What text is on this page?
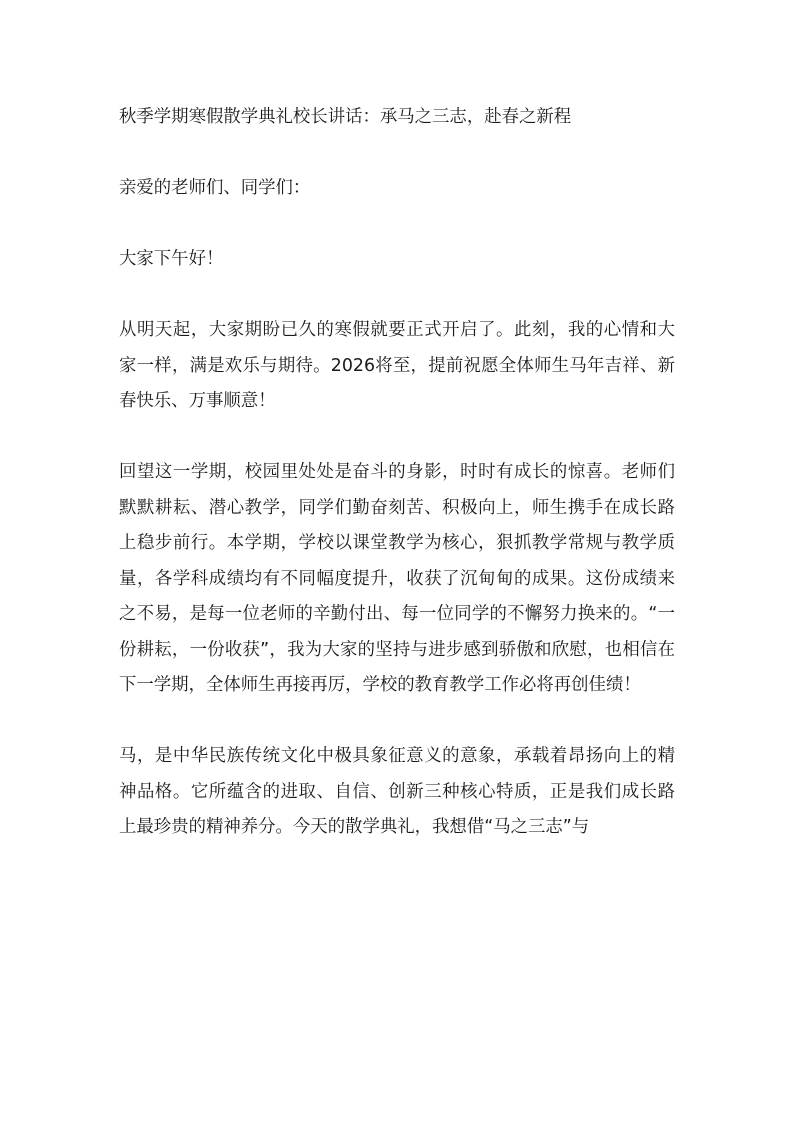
秋季学期寒假散学典礼校长讲话：承马之三志，赴春之新程

亲爱的老师们、同学们：

大家下午好！

从明天起，大家期盼已久的寒假就要正式开启了。此刻，我的心情和大家一样，满是欢乐与期待。2026将至，提前祝愿全体师生马年吉祥、新春快乐、万事顺意！

回望这一学期，校园里处处是奋斗的身影，时时有成长的惊喜。老师们默默耕耘、潜心教学，同学们勤奋刻苦、积极向上，师生携手在成长路上稳步前行。本学期，学校以课堂教学为核心，狠抓教学常规与教学质量，各学科成绩均有不同幅度提升，收获了沉甸甸的成果。这份成绩来之不易，是每一位老师的辛勤付出、每一位同学的不懈努力换来的。“一份耕耘，一份收获”，我为大家的坚持与进步感到骄傲和欣慰，也相信在下一学期，全体师生再接再厉，学校的教育教学工作必将再创佳绩！

马，是中华民族传统文化中极具象征意义的意象，承载着昂扬向上的精神品格。它所蕴含的进取、自信、创新三种核心特质，正是我们成长路上最珍贵的精神养分。今天的散学典礼，我想借“马之三志”与
